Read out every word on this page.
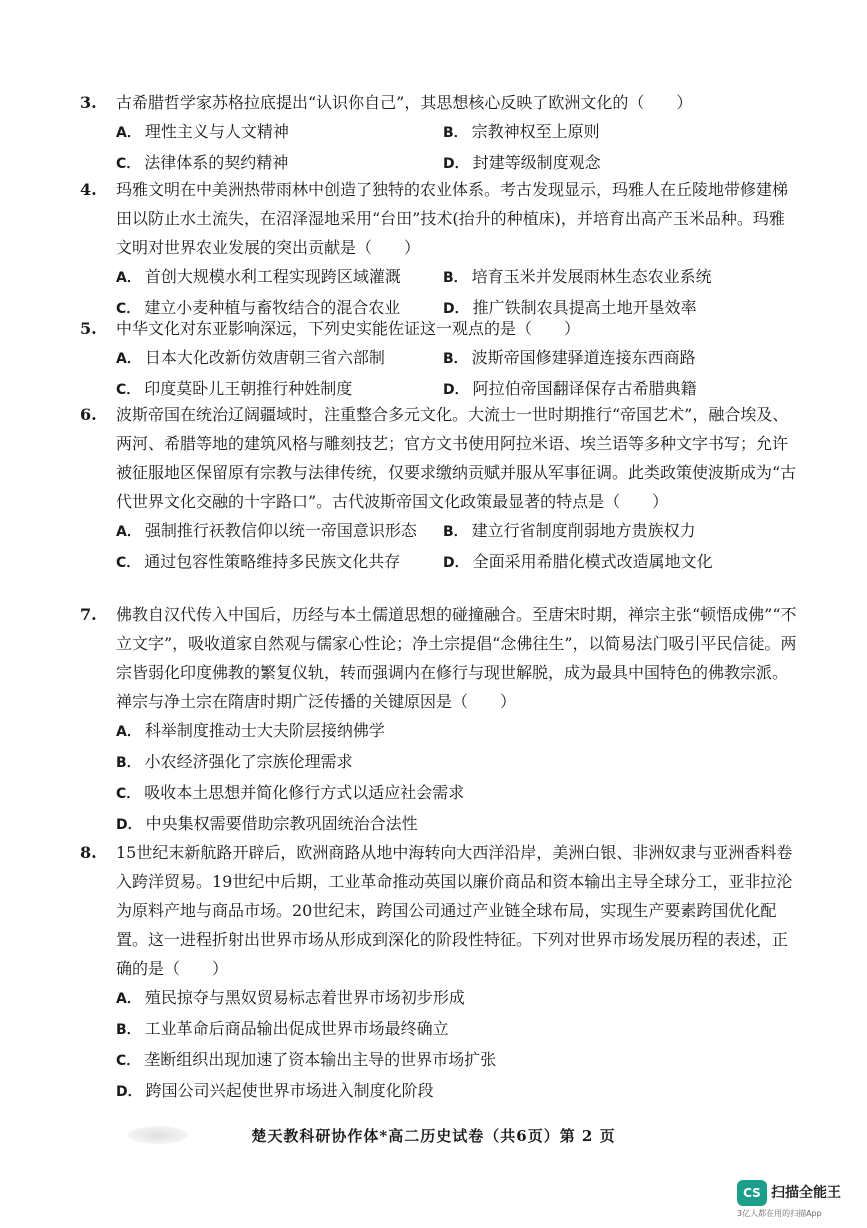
3.	古希腊哲学家苏格拉底提出“认识你自己”，其思想核心反映了欧洲文化的（　　）
A． 理性主义与人文精神	B． 宗教神权至上原则
C． 法律体系的契约精神	D． 封建等级制度观念
4.	玛雅文明在中美洲热带雨林中创造了独特的农业体系。考古发现显示，玛雅人在丘陵地带修建梯田以防止水土流失，在沼泽湿地采用“台田”技术(抬升的种植床)，并培育出高产玉米品种。玛雅文明对世界农业发展的突出贡献是（　　）
A． 首创大规模水利工程实现跨区域灌溉	B． 培育玉米并发展雨林生态农业系统
C． 建立小麦种植与畜牧结合的混合农业	D． 推广铁制农具提高土地开垦效率
5.	中华文化对东亚影响深远，下列史实能佐证这一观点的是（　　）
A． 日本大化改新仿效唐朝三省六部制	B． 波斯帝国修建驿道连接东西商路
C． 印度莫卧儿王朝推行种姓制度	D． 阿拉伯帝国翻译保存古希腊典籍
6.	波斯帝国在统治辽阔疆域时，注重整合多元文化。大流士一世时期推行“帝国艺术”，融合埃及、两河、希腊等地的建筑风格与雕刻技艺；官方文书使用阿拉米语、埃兰语等多种文字书写；允许被征服地区保留原有宗教与法律传统，仅要求缴纳贡赋并服从军事征调。此类政策使波斯成为“古代世界文化交融的十字路口”。古代波斯帝国文化政策最显著的特点是（　　）
A． 强制推行祆教信仰以统一帝国意识形态	B． 建立行省制度削弱地方贵族权力
C． 通过包容性策略维持多民族文化共存	D． 全面采用希腊化模式改造属地文化
7.	佛教自汉代传入中国后，历经与本土儒道思想的碰撞融合。至唐宋时期，禅宗主张“顿悟成佛”“不立文字”，吸收道家自然观与儒家心性论；净土宗提倡“念佛往生”，以简易法门吸引平民信徒。两宗皆弱化印度佛教的繁复仪轨，转而强调内在修行与现世解脱，成为最具中国特色的佛教宗派。禅宗与净土宗在隋唐时期广泛传播的关键原因是（　　）
A． 科举制度推动士大夫阶层接纳佛学
B． 小农经济强化了宗族伦理需求
C． 吸收本土思想并简化修行方式以适应社会需求
D． 中央集权需要借助宗教巩固统治合法性
8.	15世纪末新航路开辟后，欧洲商路从地中海转向大西洋沿岸，美洲白银、非洲奴隶与亚洲香料卷入跨洋贸易。19世纪中后期，工业革命推动英国以廉价商品和资本输出主导全球分工，亚非拉沦为原料产地与商品市场。20世纪末，跨国公司通过产业链全球布局，实现生产要素跨国优化配置。这一进程折射出世界市场从形成到深化的阶段性特征。下列对世界市场发展历程的表述，正确的是（　　）
A． 殖民掠夺与黑奴贸易标志着世界市场初步形成
B． 工业革命后商品输出促成世界市场最终确立
C． 垄断组织出现加速了资本输出主导的世界市场扩张
D． 跨国公司兴起使世界市场进入制度化阶段
楚天教科研协作体*高二历史试卷（共6页）第 2 页
CS 扫描全能王
3亿人都在用的扫描App
